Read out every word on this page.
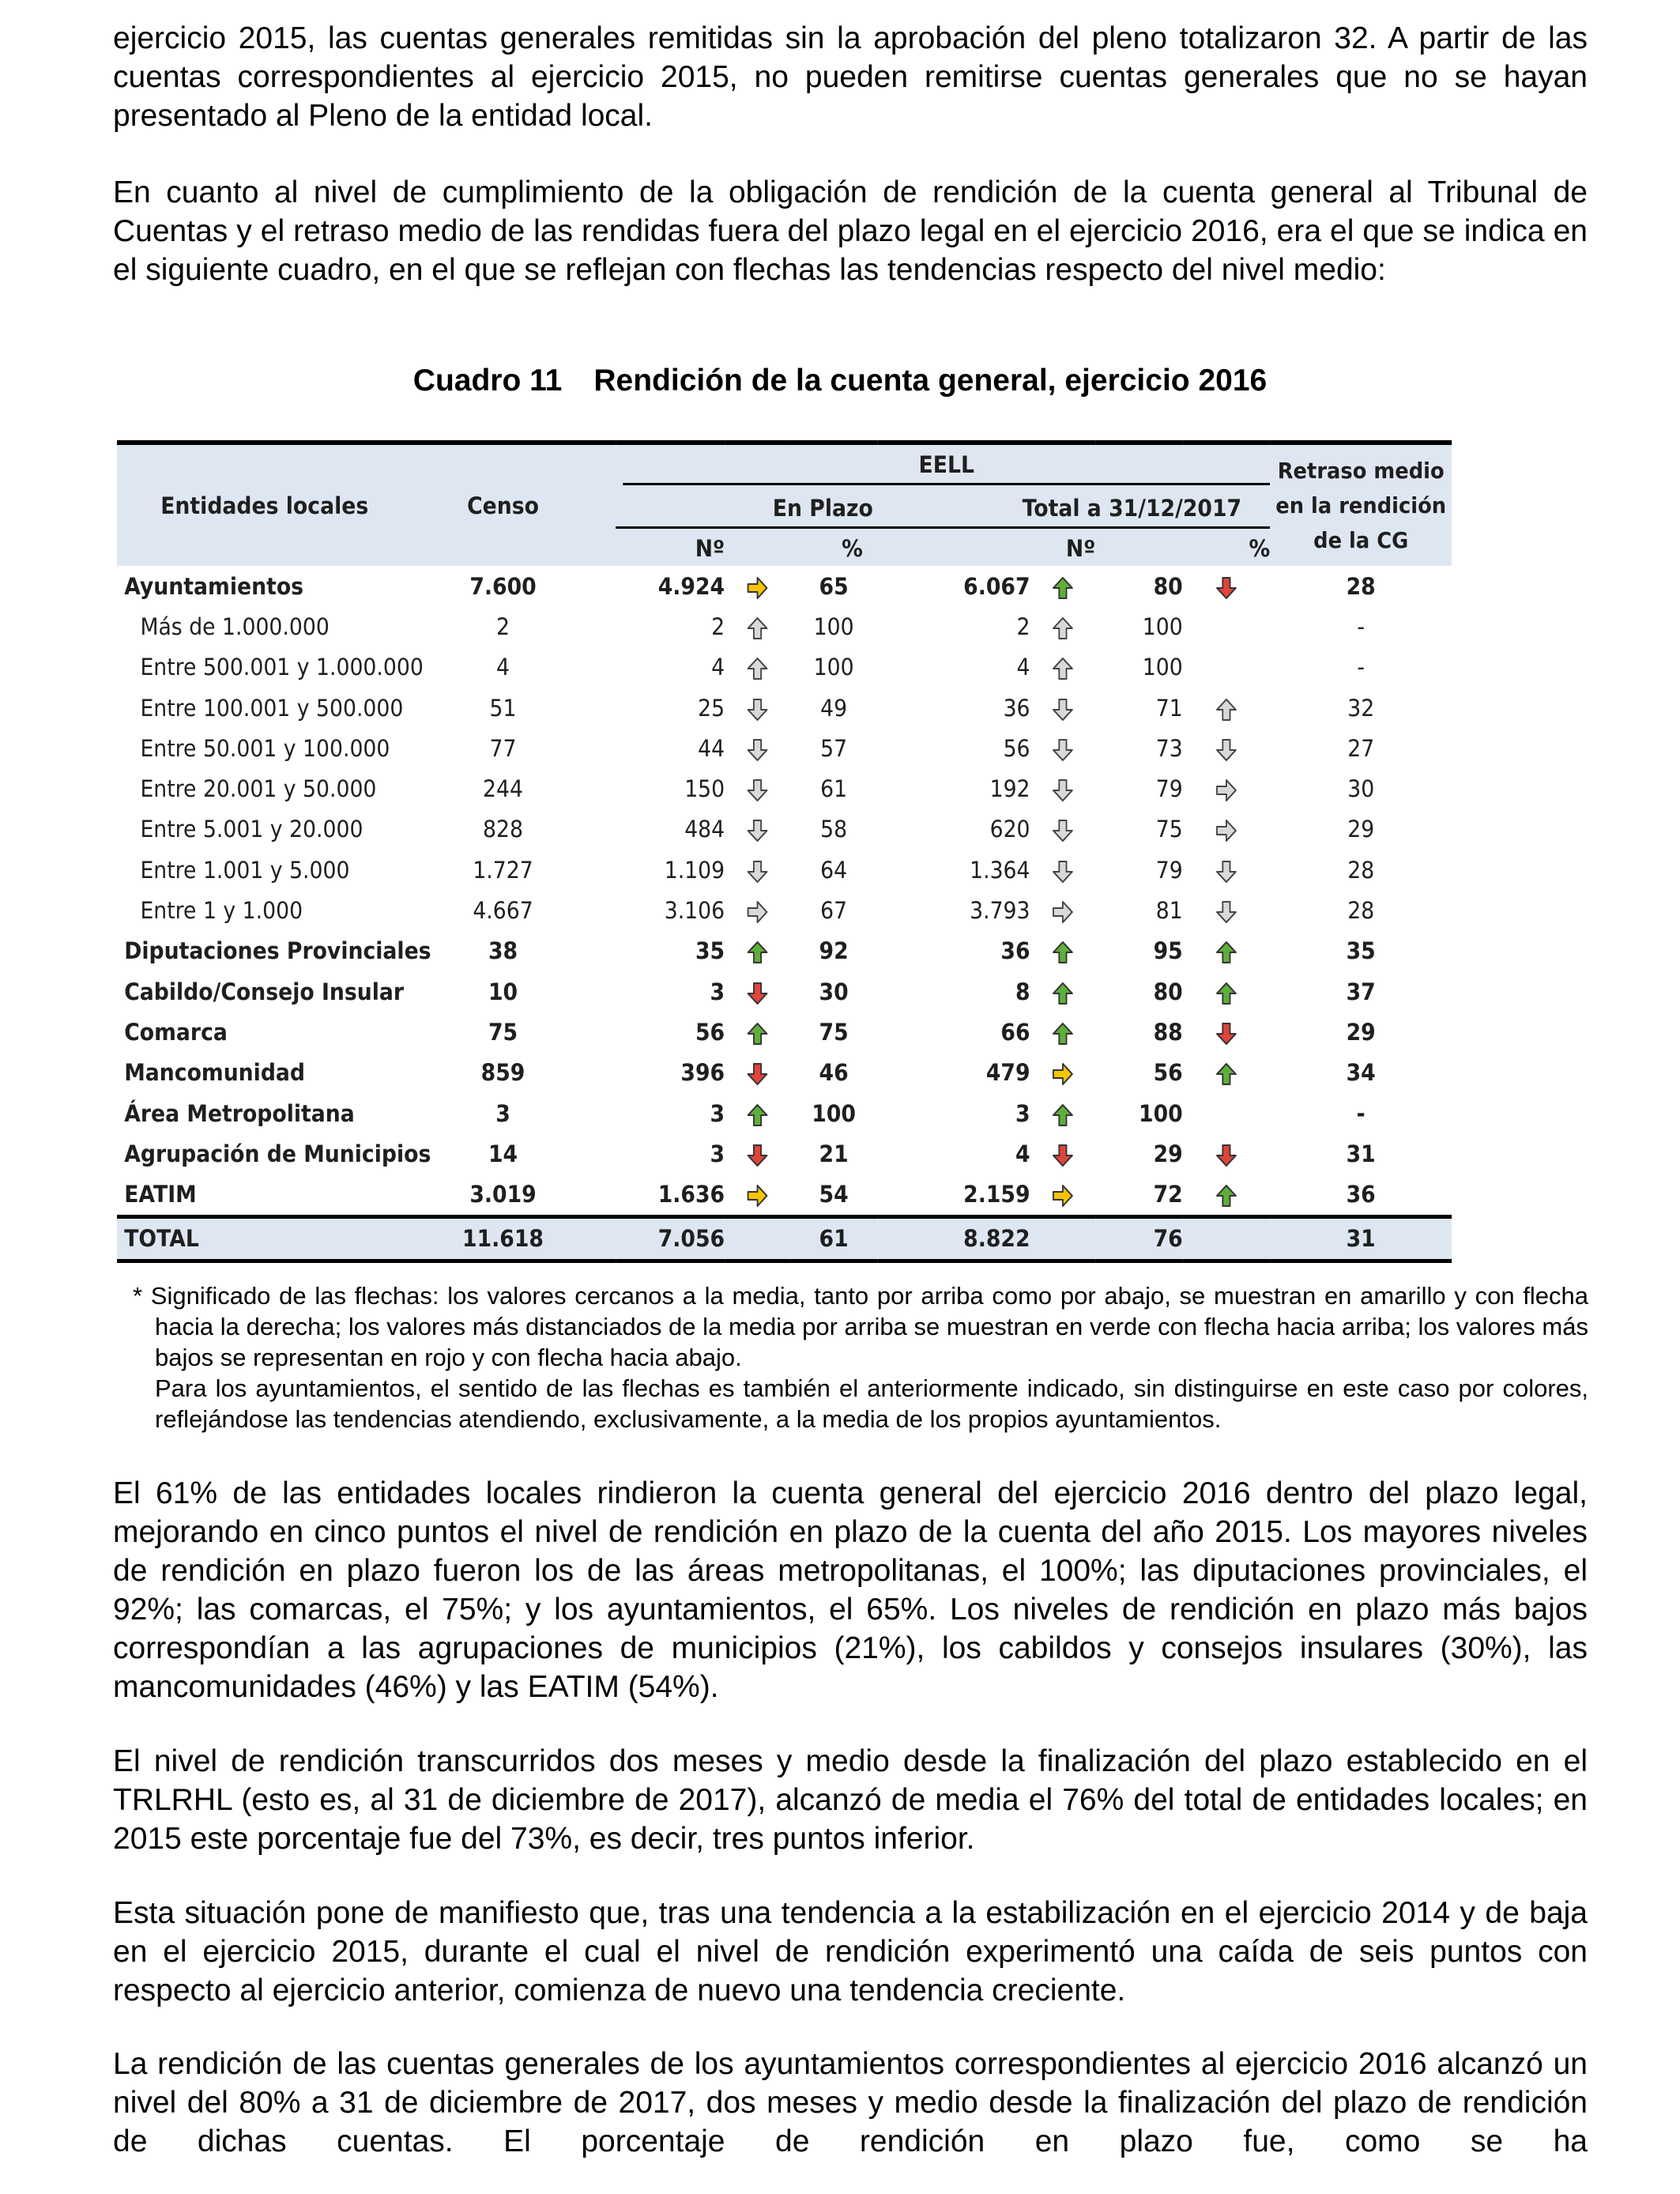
ejercicio 2015, las cuentas generales remitidas sin la aprobación del pleno totalizaron 32. A partir de las cuentas correspondientes al ejercicio 2015, no pueden remitirse cuentas generales que no se hayan presentado al Pleno de la entidad local.

En cuanto al nivel de cumplimiento de la obligación de rendición de la cuenta general al Tribunal de Cuentas y el retraso medio de las rendidas fuera del plazo legal en el ejercicio 2016, era el que se indica en el siguiente cuadro, en el que se reflejan con flechas las tendencias respecto del nivel medio:

Cuadro 11 Rendición de la cuenta general, ejercicio 2016
Entidades locales	Censo	EELL								Retraso medio en la rendición de la CG

			En Plazo					Total a 31/12/2017		

			Nº		%		Nº		%	
Ayuntamientos	7.600		4.924		65	6.067		80		28
Más de 1.000.000	2		2		100	2		100		-
Entre 500.001 y 1.000.000	4		4		100	4		100		-
Entre 100.001 y 500.000	51		25		49	36		71		32
Entre 50.001 y 100.000	77		44		57	56		73		27
Entre 20.001 y 50.000	244		150		61	192		79		30
Entre 5.001 y 20.000	828		484		58	620		75		29
Entre 1.001 y 5.000	1.727		1.109		64	1.364		79		28
Entre 1 y 1.000	4.667		3.106		67	3.793		81		28
Diputaciones Provinciales	38		35		92	36		95		35
Cabildo/Consejo Insular	10		3		30	8		80		37
Comarca	75		56		75	66		88		29
Mancomunidad	859		396		46	479		56		34
Área Metropolitana	3		3		100	3		100		-
Agrupación de Municipios	14		3		21	4		29		31
EATIM	3.019		1.636		54	2.159		72		36
TOTAL	11.618		7.056		61	8.822		76		31

* Significado de las flechas: los valores cercanos a la media, tanto por arriba como por abajo, se muestran en amarillo y con flecha hacia la derecha; los valores más distanciados de la media por arriba se muestran en verde con flecha hacia arriba; los valores más bajos se representan en rojo y con flecha hacia abajo.

Para los ayuntamientos, el sentido de las flechas es también el anteriormente indicado, sin distinguirse en este caso por colores, reflejándose las tendencias atendiendo, exclusivamente, a la media de los propios ayuntamientos.

El 61% de las entidades locales rindieron la cuenta general del ejercicio 2016 dentro del plazo legal, mejorando en cinco puntos el nivel de rendición en plazo de la cuenta del año 2015. Los mayores niveles de rendición en plazo fueron los de las áreas metropolitanas, el 100%; las diputaciones provinciales, el 92%; las comarcas, el 75%; y los ayuntamientos, el 65%. Los niveles de rendición en plazo más bajos correspondían a las agrupaciones de municipios (21%), los cabildos y consejos insulares (30%), las mancomunidades (46%) y las EATIM (54%).

El nivel de rendición transcurridos dos meses y medio desde la finalización del plazo establecido en el TRLRHL (esto es, al 31 de diciembre de 2017), alcanzó de media el 76% del total de entidades locales; en 2015 este porcentaje fue del 73%, es decir, tres puntos inferior.

Esta situación pone de manifiesto que, tras una tendencia a la estabilización en el ejercicio 2014 y de baja en el ejercicio 2015, durante el cual el nivel de rendición experimentó una caída de seis puntos con respecto al ejercicio anterior, comienza de nuevo una tendencia creciente.

La rendición de las cuentas generales de los ayuntamientos correspondientes al ejercicio 2016 alcanzó un nivel del 80% a 31 de diciembre de 2017, dos meses y medio desde la finalización del plazo de rendición de dichas cuentas. El porcentaje de rendición en plazo fue, como se ha
